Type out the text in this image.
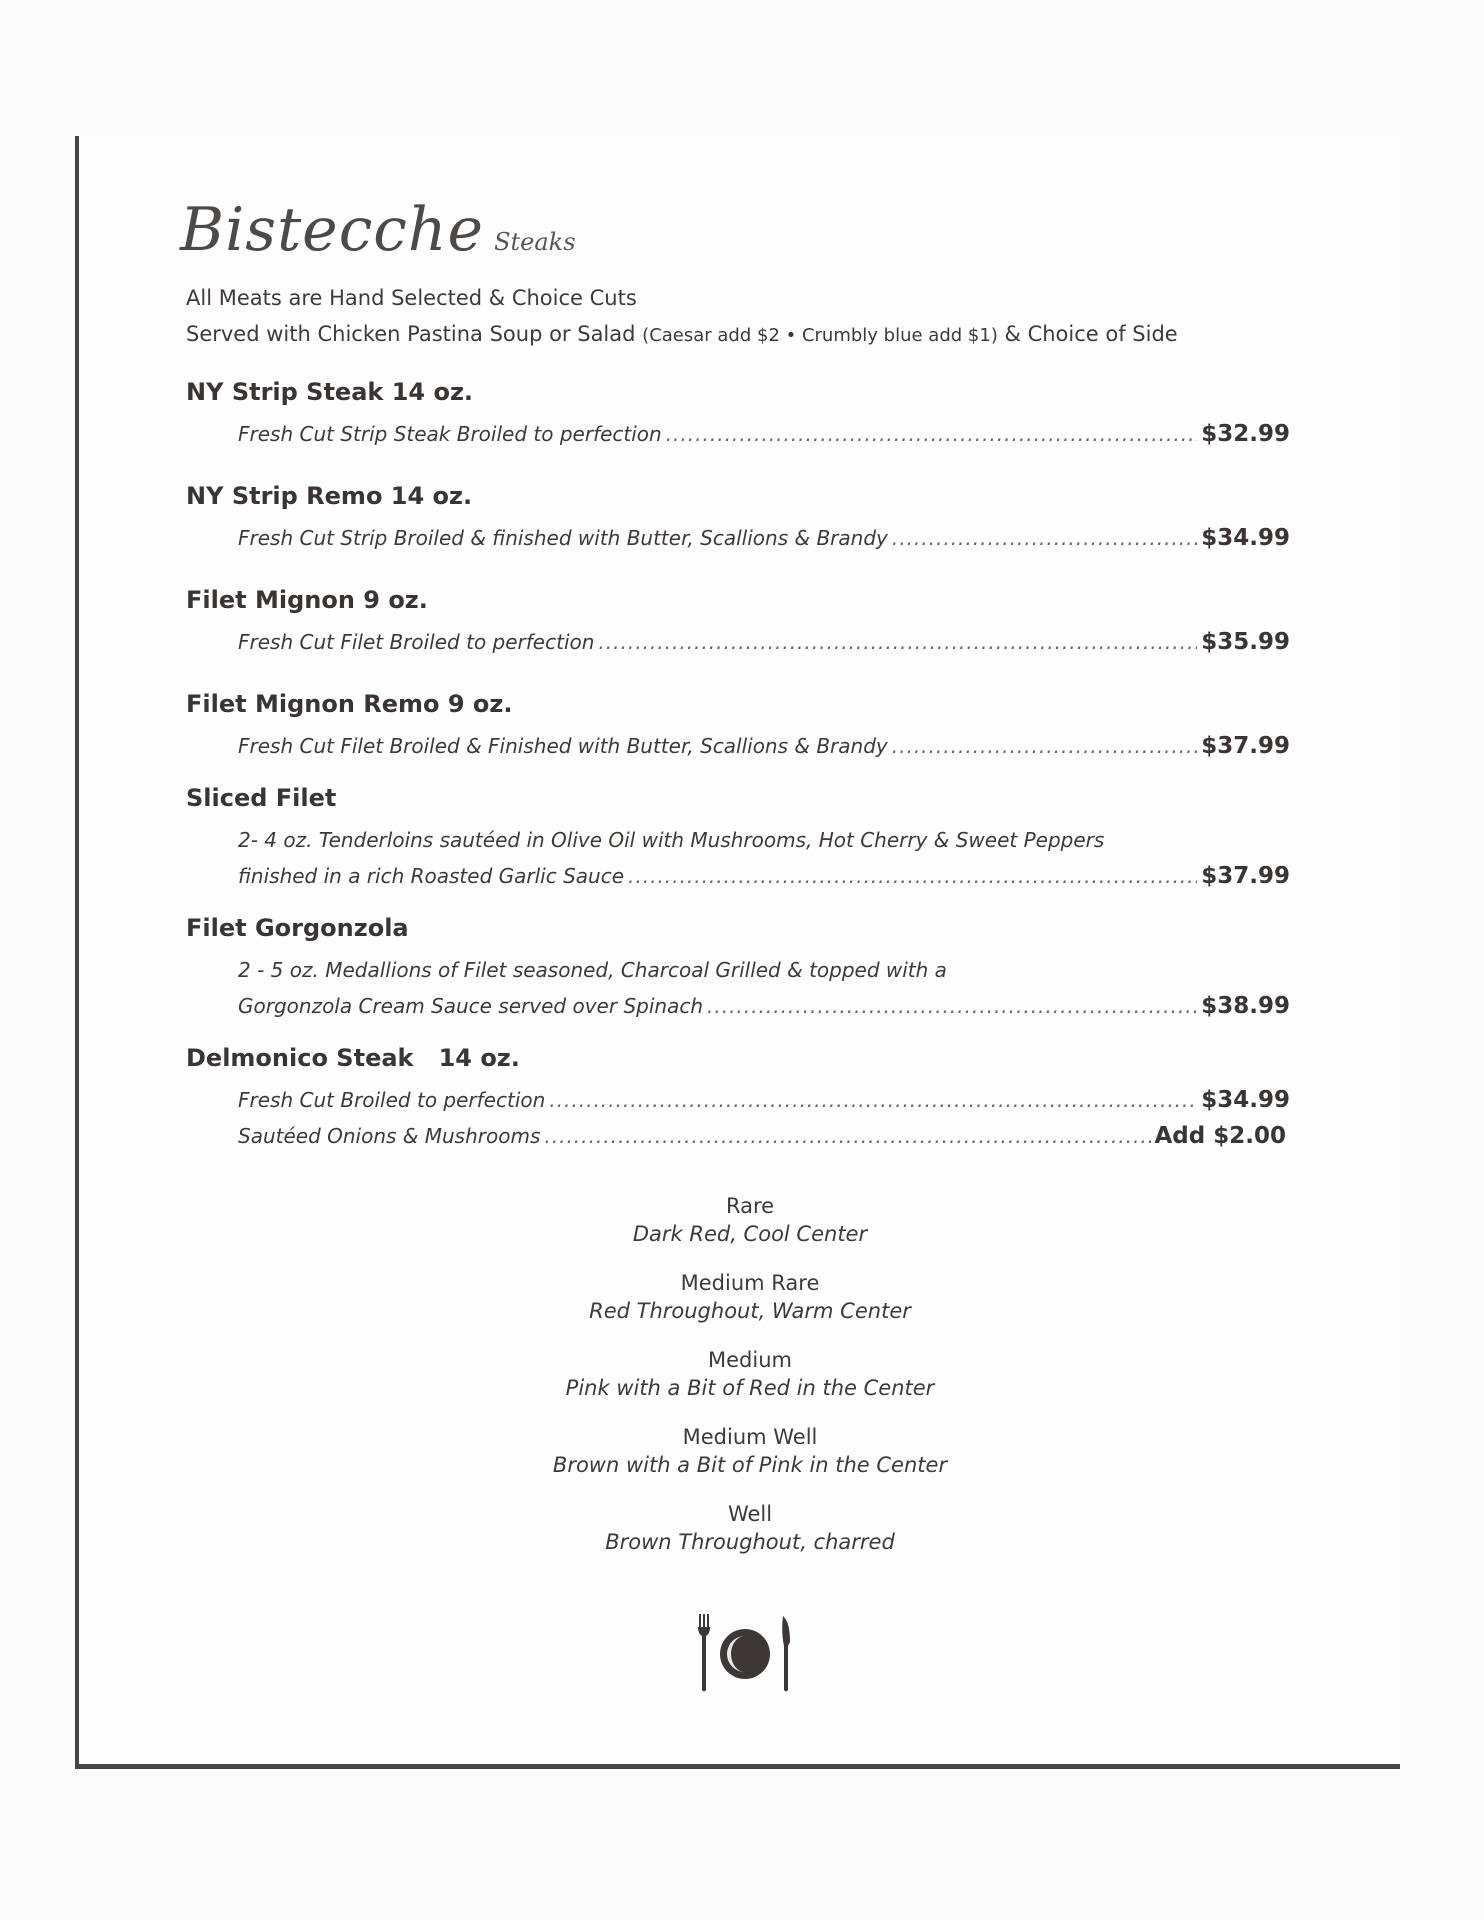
Bistecche Steaks
All Meats are Hand Selected & Choice Cuts
Served with Chicken Pastina Soup or Salad (Caesar add $2 • Crumbly blue add $1) & Choice of Side
NY Strip Steak 14 oz.
Fresh Cut Strip Steak Broiled to perfection .....	$32.99
NY Strip Remo 14 oz.
Fresh Cut Strip Broiled & finished with Butter, Scallions & Brandy .....	$34.99
Filet Mignon 9 oz.
Fresh Cut Filet Broiled to perfection .....	$35.99
Filet Mignon Remo 9 oz.
Fresh Cut Filet Broiled & Finished with Butter, Scallions & Brandy .....	$37.99
Sliced Filet
2- 4 oz. Tenderloins sautéed in Olive Oil with Mushrooms, Hot Cherry & Sweet Peppers
finished in a rich Roasted Garlic Sauce .....	$37.99
Filet Gorgonzola
2 - 5 oz. Medallions of Filet seasoned, Charcoal Grilled & topped with a
Gorgonzola Cream Sauce served over Spinach .....	$38.99
Delmonico Steak   14 oz.
Fresh Cut Broiled to perfection .....	$34.99
Sautéed Onions & Mushrooms .....	Add $2.00
Rare
Dark Red, Cool Center
Medium Rare
Red Throughout, Warm Center
Medium
Pink with a Bit of Red in the Center
Medium Well
Brown with a Bit of Pink in the Center
Well
Brown Throughout, charred
